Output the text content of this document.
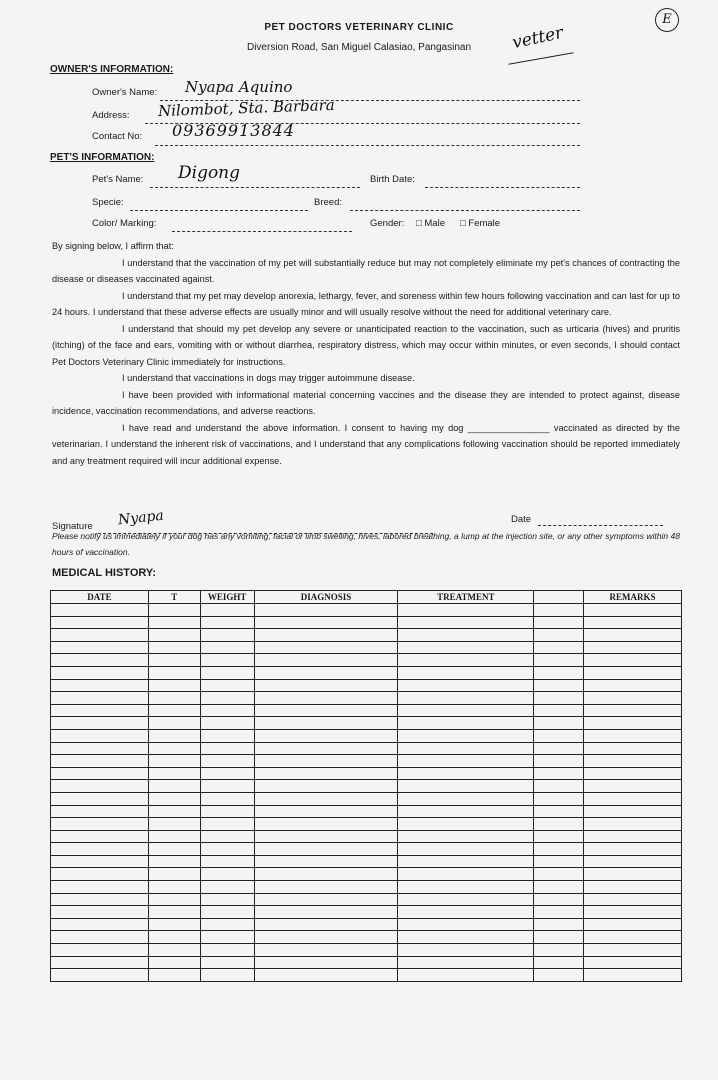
PET DOCTORS VETERINARY CLINIC
Diversion Road, San Miguel Calasiao, Pangasinan
E
vetter
OWNER'S INFORMATION:
Owner's Name: Nyapa Aquino
Address: Nilombot, Sta. Barbara
Contact No: 09369913844
PET'S INFORMATION:
Pet's Name: Digong	Birth Date:
Specie:	Breed:
Color/ Marking:	Gender: □ Male □ Female

By signing below, I affirm that:

I understand that the vaccination of my pet will substantially reduce but may not completely eliminate my pet's chances of contracting the disease or diseases vaccinated against.

I understand that my pet may develop anorexia, lethargy, fever, and soreness within few hours following vaccination and can last for up to 24 hours. I understand that these adverse effects are usually minor and will usually resolve without the need for additional veterinary care.

I understand that should my pet develop any severe or unanticipated reaction to the vaccination, such as urticaria (hives) and pruritis (itching) of the face and ears, vomiting with or without diarrhea, respiratory distress, which may occur within minutes, or even seconds, I should contact Pet Doctors Veterinary Clinic immediately for instructions.

I understand that vaccinations in dogs may trigger autoimmune disease.

I have been provided with informational material concerning vaccines and the disease they are intended to protect against, disease incidence, vaccination recommendations, and adverse reactions.

I have read and understand the above information. I consent to having my dog ________________ vaccinated as directed by the veterinarian. I understand the inherent risk of vaccinations, and I understand that any complications following vaccination should be reported immediately and any treatment required will incur additional expense.

Signature Nyapa	Date
Please notify us immediately if your dog has any vomiting, facial or limb swelling, hives, labored breathing, a lump at the injection site, or any other symptoms within 48 hours of vaccination.
MEDICAL HISTORY:
DATE	T	WEIGHT	DIAGNOSIS	TREATMENT		REMARKS
